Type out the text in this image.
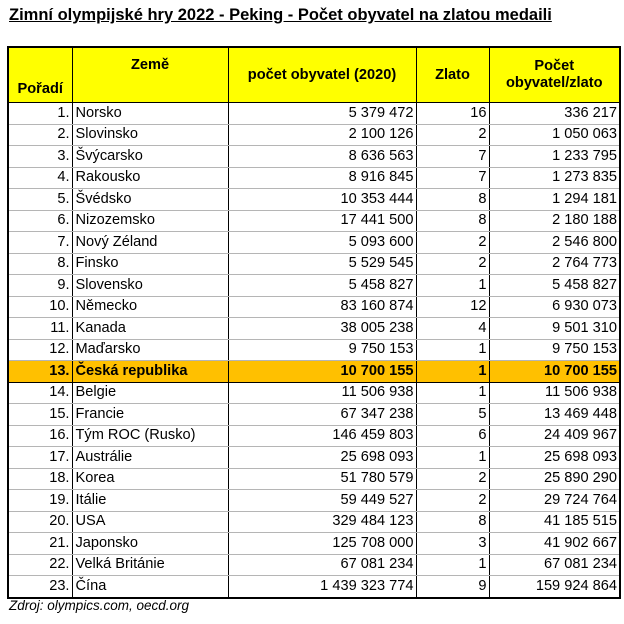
Zimní olympijské hry 2022 - Peking - Počet obyvatel na zlatou medaili
Pořadí	Země	počet obyvatel (2020)	Zlato	Počet
obyvatel/zlato
1.	Norsko	5 379 472	16	336 217
2.	Slovinsko	2 100 126	2	1 050 063
3.	Švýcarsko	8 636 563	7	1 233 795
4.	Rakousko	8 916 845	7	1 273 835
5.	Švédsko	10 353 444	8	1 294 181
6.	Nizozemsko	17 441 500	8	2 180 188
7.	Nový Zéland	5 093 600	2	2 546 800
8.	Finsko	5 529 545	2	2 764 773
9.	Slovensko	5 458 827	1	5 458 827
10.	Německo	83 160 874	12	6 930 073
11.	Kanada	38 005 238	4	9 501 310
12.	Maďarsko	9 750 153	1	9 750 153
13.	Česká republika	10 700 155	1	10 700 155
14.	Belgie	11 506 938	1	11 506 938
15.	Francie	67 347 238	5	13 469 448
16.	Tým ROC (Rusko)	146 459 803	6	24 409 967
17.	Austrálie	25 698 093	1	25 698 093
18.	Korea	51 780 579	2	25 890 290
19.	Itálie	59 449 527	2	29 724 764
20.	USA	329 484 123	8	41 185 515
21.	Japonsko	125 708 000	3	41 902 667
22.	Velká Británie	67 081 234	1	67 081 234
23.	Čína	1 439 323 774	9	159 924 864
Zdroj: olympics.com, oecd.org
